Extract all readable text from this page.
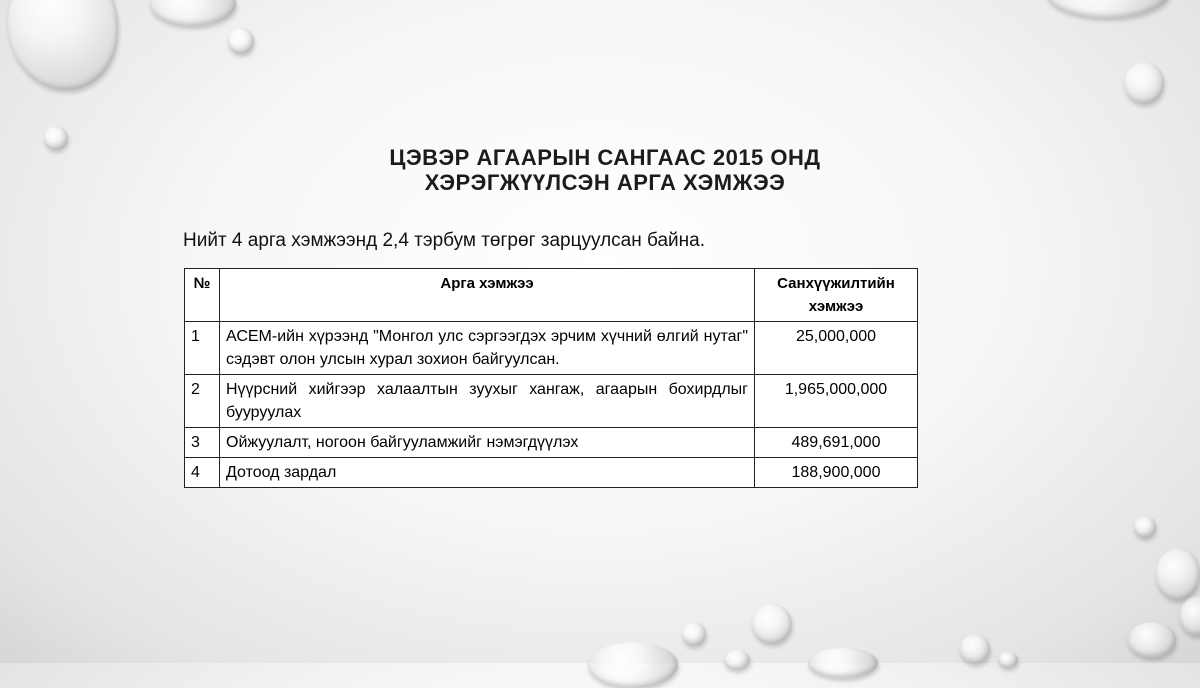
ЦЭВЭР АГААРЫН САНГААС 2015 ОНД
ХЭРЭГЖҮҮЛСЭН АРГА ХЭМЖЭЭ
Нийт 4 арга хэмжээнд 2,4 тэрбум төгрөг зарцуулсан байна.
№	Арга хэмжээ	Санхүүжилтийн
хэмжээ

1	АСЕМ-ийн хүрээнд "Монгол улс сэргээгдэх эрчим хүчний өлгий нутаг" сэдэвт олон улсын хурал зохион байгуулсан.	25,000,000
2	Нүүрсний хийгээр халаалтын зуухыг хангаж, агаарын бохирдлыг бууруулах	1,965,000,000
3	Ойжуулалт, ногоон байгууламжийг нэмэгдүүлэх	489,691,000
4	Дотоод зардал	188,900,000
